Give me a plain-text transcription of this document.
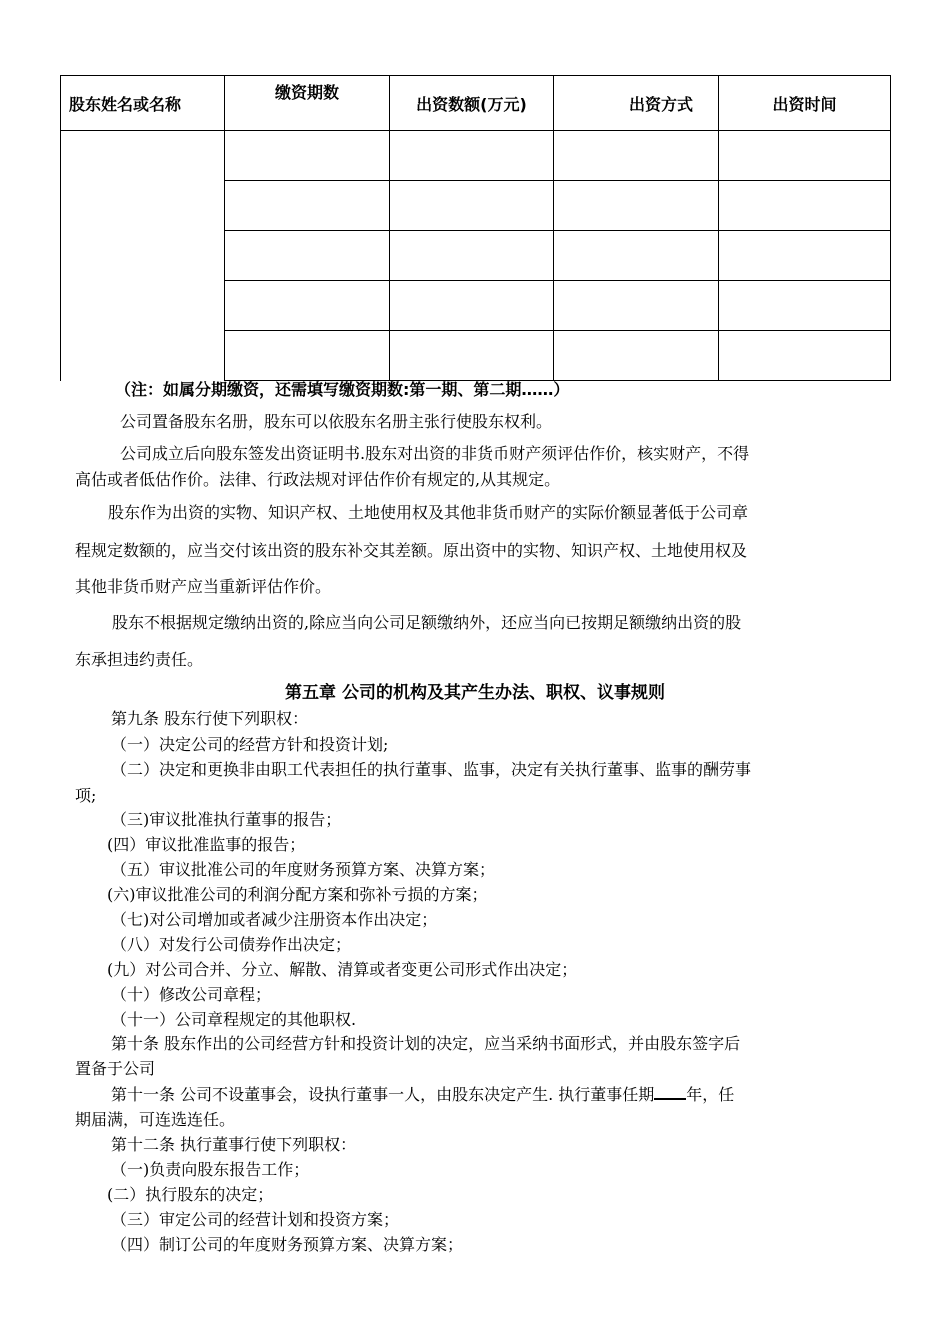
股东姓名或名称	缴资期数	出资数额(万元)	出资方式	出资时间

（注：如属分期缴资，还需填写缴资期数:第一期、第二期……）
公司置备股东名册，股东可以依股东名册主张行使股东权利。
公司成立后向股东签发出资证明书.股东对出资的非货币财产须评估作价，核实财产，不得
高估或者低估作价。法律、行政法规对评估作价有规定的,从其规定。
股东作为出资的实物、知识产权、土地使用权及其他非货币财产的实际价额显著低于公司章
程规定数额的，应当交付该出资的股东补交其差额。原出资中的实物、知识产权、土地使用权及
其他非货币财产应当重新评估作价。
股东不根据规定缴纳出资的,除应当向公司足额缴纳外，还应当向已按期足额缴纳出资的股
东承担违约责任。
第五章 公司的机构及其产生办法、职权、议事规则
第九条 股东行使下列职权：
（一）决定公司的经营方针和投资计划;
（二）决定和更换非由职工代表担任的执行董事、监事，决定有关执行董事、监事的酬劳事
项;
（三)审议批准执行董事的报告；
(四）审议批准监事的报告；
（五）审议批准公司的年度财务预算方案、决算方案；
(六)审议批准公司的利润分配方案和弥补亏损的方案；
（七)对公司增加或者减少注册资本作出决定；
（八）对发行公司债券作出决定；
(九）对公司合并、分立、解散、清算或者变更公司形式作出决定；
（十）修改公司章程；
（十一）公司章程规定的其他职权.
第十条 股东作出的公司经营方针和投资计划的决定，应当采纳书面形式，并由股东签字后
置备于公司
第十一条 公司不设董事会，设执行董事一人，由股东决定产生. 执行董事任期 年，任
期届满，可连选连任。
第十二条 执行董事行使下列职权：
（一)负责向股东报告工作；
(二）执行股东的决定；
（三）审定公司的经营计划和投资方案；
（四）制订公司的年度财务预算方案、决算方案；
